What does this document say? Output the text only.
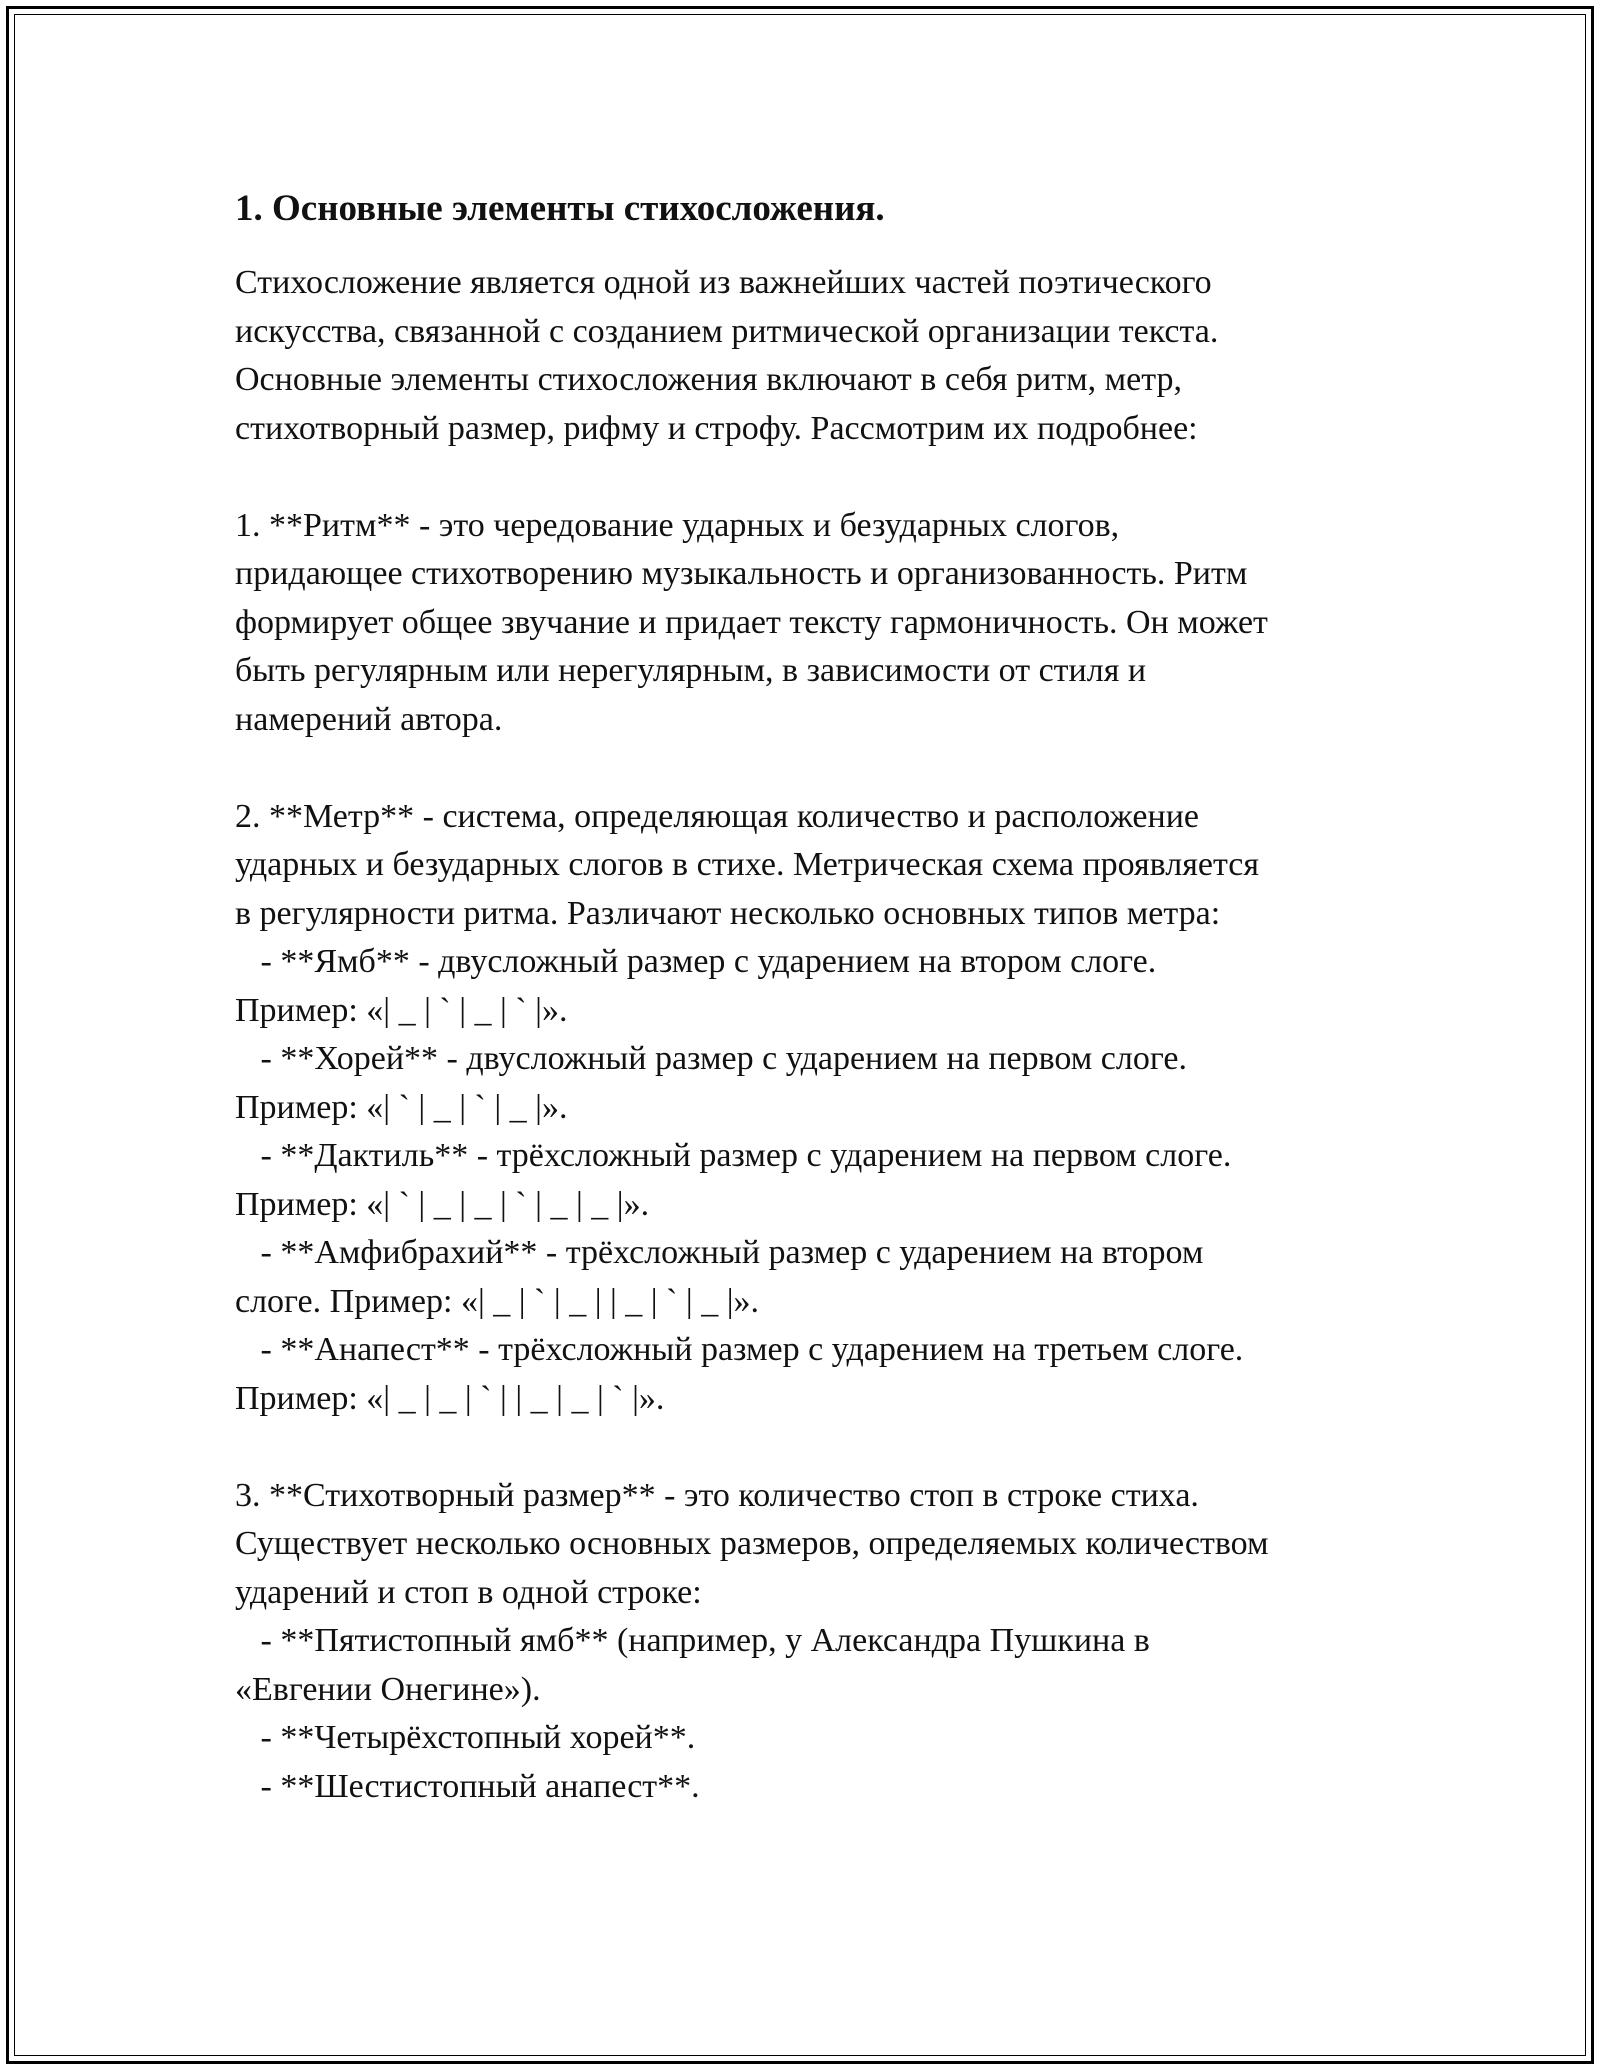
1. Основные элементы стихосложения.
Стихосложение является одной из важнейших частей поэтического
искусства, связанной с созданием ритмической организации текста.
Основные элементы стихосложения включают в себя ритм, метр,
стихотворный размер, рифму и строфу. Рассмотрим их подробнее:
1. **Ритм** - это чередование ударных и безударных слогов,
придающее стихотворению музыкальность и организованность. Ритм
формирует общее звучание и придает тексту гармоничность. Он может
быть регулярным или нерегулярным, в зависимости от стиля и
намерений автора.
2. **Метр** - система, определяющая количество и расположение
ударных и безударных слогов в стихе. Метрическая схема проявляется
в регулярности ритма. Различают несколько основных типов метра:
- **Ямб** - двусложный размер с ударением на втором слоге.
Пример: «| _ | ` | _ | ` |».
- **Хорей** - двусложный размер с ударением на первом слоге.
Пример: «| ` | _ | ` | _ |».
- **Дактиль** - трёхсложный размер с ударением на первом слоге.
Пример: «| ` | _ | _ | ` | _ | _ |».
- **Амфибрахий** - трёхсложный размер с ударением на втором
слоге. Пример: «| _ | ` | _ | | _ | ` | _ |».
- **Анапест** - трёхсложный размер с ударением на третьем слоге.
Пример: «| _ | _ | ` | | _ | _ | ` |».
3. **Стихотворный размер** - это количество стоп в строке стиха.
Существует несколько основных размеров, определяемых количеством
ударений и стоп в одной строке:
- **Пятистопный ямб** (например, у Александра Пушкина в
«Евгении Онегине»).
- **Четырёхстопный хорей**.
- **Шестистопный анапест**.
